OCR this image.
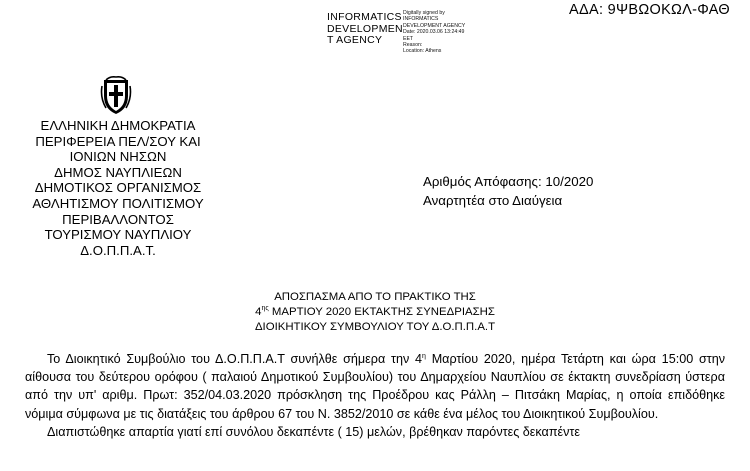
INFORMATICS
DEVELOPMEN
T AGENCY
Digitally signed by
INFORMATICS
DEVELOPMENT AGENCY
Date: 2020.03.06 13:24:49
EET
Reason:
Location: Athens
ΑΔΑ: 9ΨΒΩΟΚΩΛ-ΦΑΘ
ΕΛΛΗΝΙΚΗ ΔΗΜΟΚΡΑΤΙΑ
ΠΕΡΙΦΕΡΕΙΑ ΠΕΛ/ΣΟΥ ΚΑΙ
ΙΟΝΙΩΝ ΝΗΣΩΝ
ΔΗΜΟΣ ΝΑΥΠΛΙΕΩΝ
ΔΗΜΟΤΙΚΟΣ ΟΡΓΑΝΙΣΜΟΣ
ΑΘΛΗΤΙΣΜΟΥ ΠΟΛΙΤΙΣΜΟΥ
ΠΕΡΙΒΑΛΛΟΝΤΟΣ
ΤΟΥΡΙΣΜΟΥ ΝΑΥΠΛΙΟΥ
Δ.Ο.Π.Π.Α.Τ.
Αριθμός Απόφασης: 10/2020
Αναρτητέα στο Διαύγεια
ΑΠΟΣΠΑΣΜΑ ΑΠΟ ΤΟ ΠΡΑΚΤΙΚΟ ΤΗΣ
$4^{\eta\varsigma}$ ΜΑΡΤΙΟΥ 2020 ΕΚΤΑΚΤΗΣ ΣΥΝΕΔΡΙΑΣΗΣ
ΔΙΟΙΚΗΤΙΚΟΥ ΣΥΜΒΟΥΛΙΟΥ ΤΟΥ Δ.Ο.Π.Π.Α.Τ

Το Διοικητικό Συμβούλιο του Δ.Ο.Π.Π.Α.Τ συνήλθε σήμερα την $4^\eta$ Μαρτίου 2020, ημέρα Τετάρτη και ώρα 15:00 στην αίθουσα του δεύτερου ορόφου ( παλαιού Δημοτικού Συμβουλίου) του Δημαρχείου Ναυπλίου σε έκτακτη συνεδρίαση ύστερα από την υπ' αριθμ. Πρωτ: 352/04.03.2020 πρόσκληση της Προέδρου κας Ράλλη – Πιτσάκη Μαρίας, η οποία επιδόθηκε νόμιμα σύμφωνα με τις διατάξεις του άρθρου 67 του Ν. 3852/2010 σε κάθε ένα μέλος του Διοικητικού Συμβουλίου.

Διαπιστώθηκε απαρτία γιατί επί συνόλου δεκαπέντε ( 15) μελών, βρέθηκαν παρόντες δεκαπέντε
